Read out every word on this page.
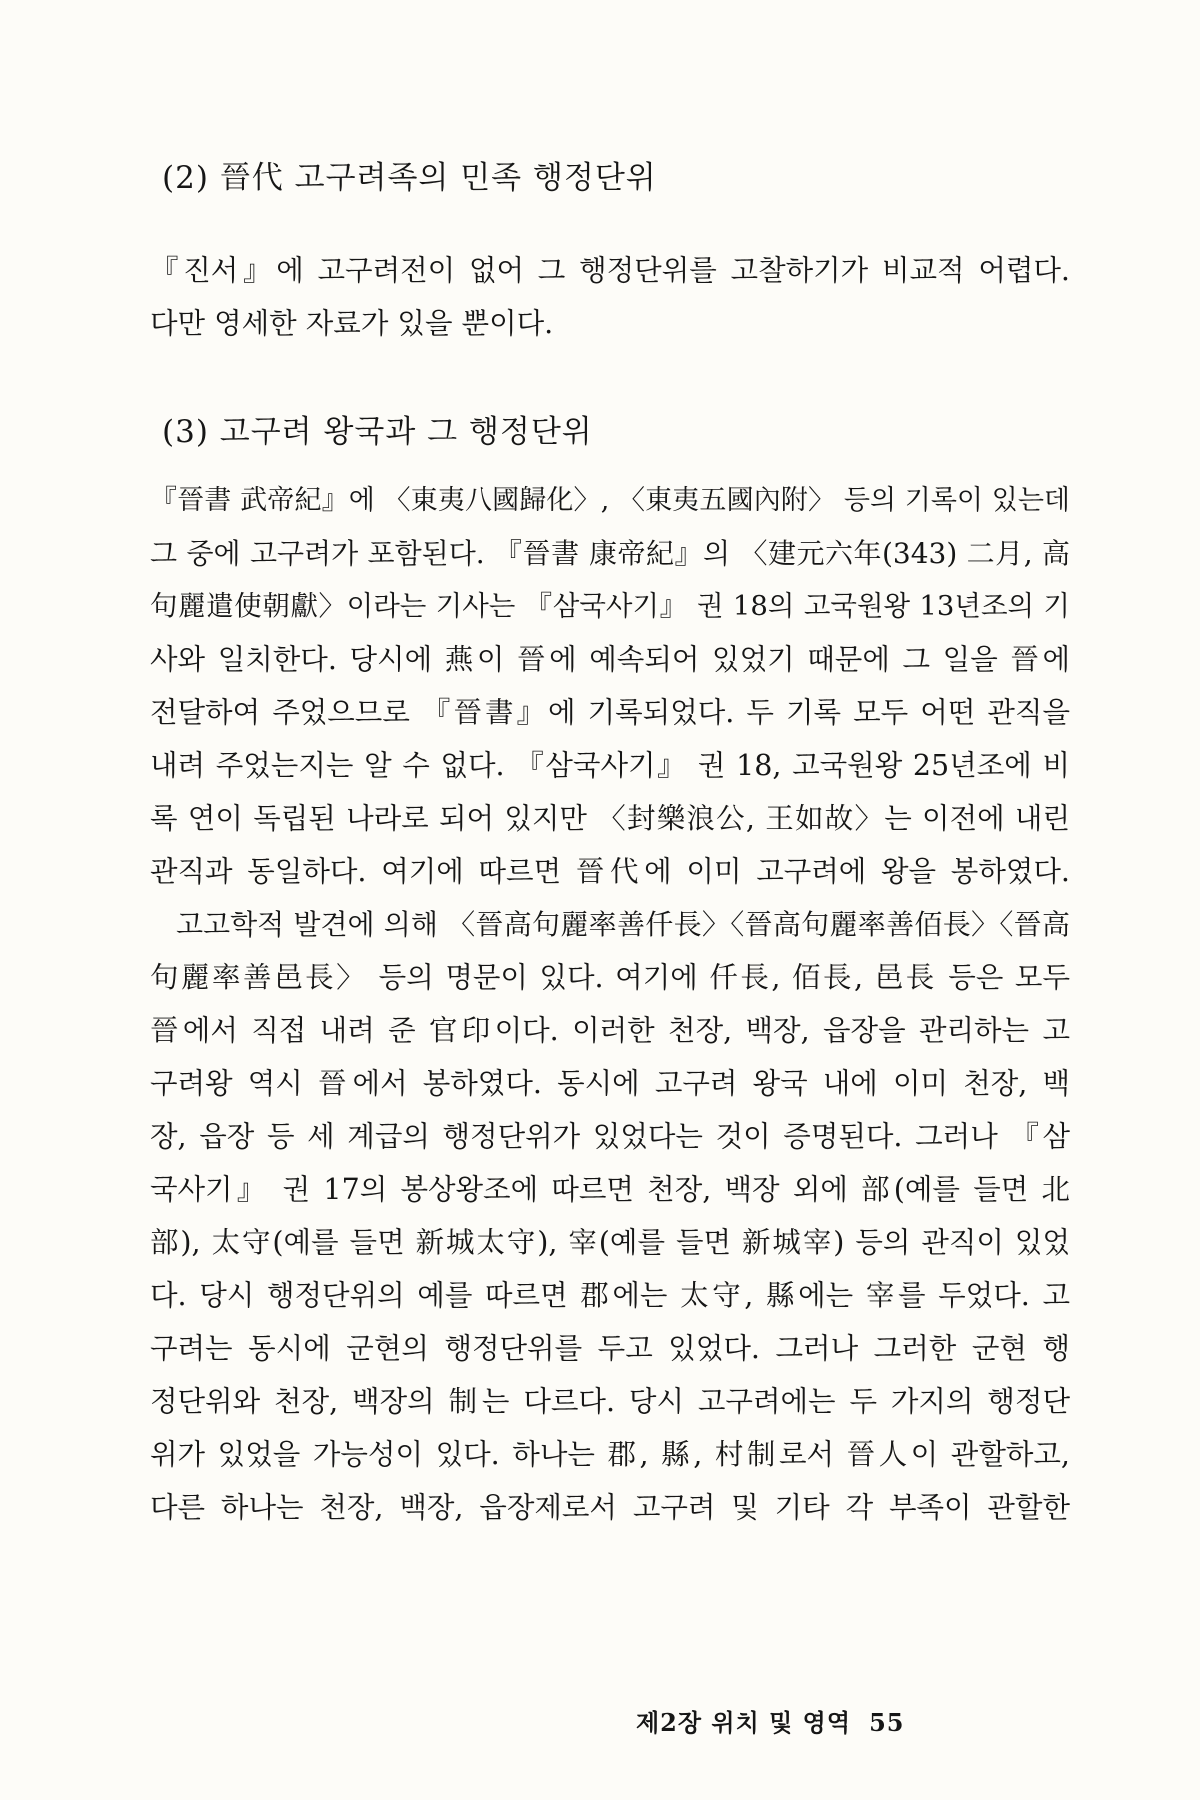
(2) 晉代 고구려족의 민족 행정단위
『진서』에 고구려전이 없어 그 행정단위를 고찰하기가 비교적 어렵다.
다만 영세한 자료가 있을 뿐이다.
(3) 고구려 왕국과 그 행정단위
『晉書 武帝紀』에 〈東夷八國歸化〉, 〈東夷五國內附〉 등의 기록이 있는데
그 중에 고구려가 포함된다. 『晉書 康帝紀』의 〈建元六年(343) 二月, 高
句麗遣使朝獻〉이라는 기사는 『삼국사기』 권 18의 고국원왕 13년조의 기
사와 일치한다. 당시에 燕이 晉에 예속되어 있었기 때문에 그 일을 晉에
전달하여 주었으므로 『晉書』에 기록되었다. 두 기록 모두 어떤 관직을
내려 주었는지는 알 수 없다. 『삼국사기』 권 18, 고국원왕 25년조에 비
록 연이 독립된 나라로 되어 있지만 〈封樂浪公, 王如故〉는 이전에 내린
관직과 동일하다. 여기에 따르면 晉代에 이미 고구려에 왕을 봉하였다.
고고학적 발견에 의해 〈晉高句麗率善仟長〉〈晉高句麗率善佰長〉〈晉高
句麗率善邑長〉 등의 명문이 있다. 여기에 仟長, 佰長, 邑長 등은 모두
晉에서 직접 내려 준 官印이다. 이러한 천장, 백장, 읍장을 관리하는 고
구려왕 역시 晉에서 봉하였다. 동시에 고구려 왕국 내에 이미 천장, 백
장, 읍장 등 세 계급의 행정단위가 있었다는 것이 증명된다. 그러나 『삼
국사기』 권 17의 봉상왕조에 따르면 천장, 백장 외에 部(예를 들면 北
部), 太守(예를 들면 新城太守), 宰(예를 들면 新城宰) 등의 관직이 있었
다. 당시 행정단위의 예를 따르면 郡에는 太守, 縣에는 宰를 두었다. 고
구려는 동시에 군현의 행정단위를 두고 있었다. 그러나 그러한 군현 행
정단위와 천장, 백장의 制는 다르다. 당시 고구려에는 두 가지의 행정단
위가 있었을 가능성이 있다. 하나는 郡, 縣, 村制로서 晉人이 관할하고,
다른 하나는 천장, 백장, 읍장제로서 고구려 및 기타 각 부족이 관할한
제2장 위치 및 영역 55
